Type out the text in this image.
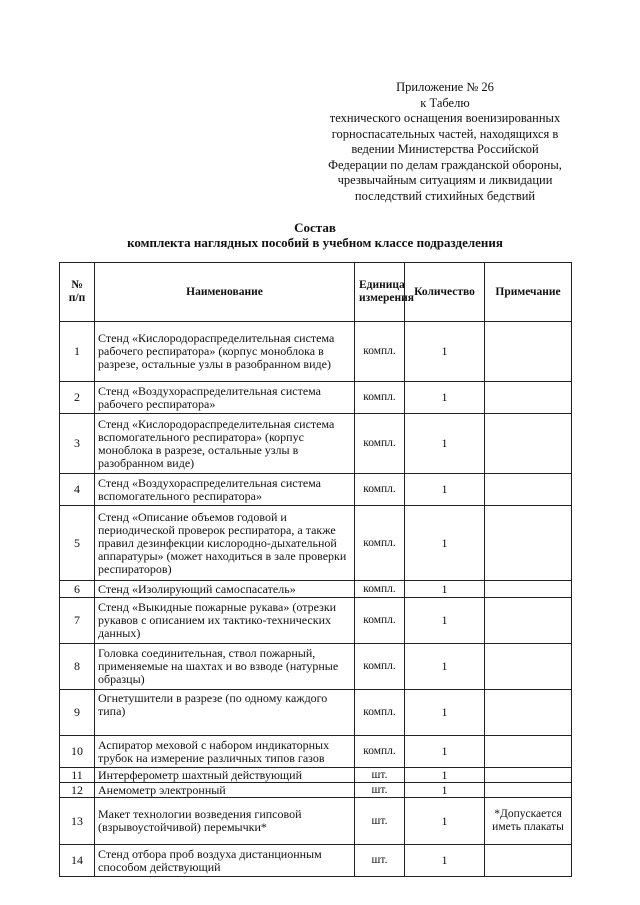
Приложение № 26
к Табелю
технического оснащения военизированных
горноспасательных частей, находящихся в
ведении Министерства Российской
Федерации по делам гражданской обороны,
чрезвычайным ситуациям и ликвидации
последствий стихийных бедствий
Состав
комплекта наглядных пособий в учебном классе подразделения
№ п/п	Наименование	Единица измерения	Количество	Примечание
1	Стенд «Кислородораспределительная система рабочего респиратора» (корпус моноблока в разрезе, остальные узлы в разобранном виде)	компл.	1	
2	Стенд «Воздухораспределительная система рабочего респиратора»	компл.	1	
3	Стенд «Кислородораспределительная система вспомогательного респиратора» (корпус моноблока в разрезе, остальные узлы в разобранном виде)	компл.	1	
4	Стенд «Воздухораспределительная система вспомогательного респиратора»	компл.	1	
5	Стенд «Описание объемов годовой и периодической проверок респиратора, а также правил дезинфекции кислородно-дыхательной аппаратуры» (может находиться в зале проверки респираторов)	компл.	1	
6	Стенд «Изолирующий самоспасатель»	компл.	1	
7	Стенд «Выкидные пожарные рукава» (отрезки рукавов с описанием их тактико-технических данных)	компл.	1	
8	Головка соединительная, ствол пожарный, применяемые на шахтах и во взводе (натурные образцы)	компл.	1	
9	Огнетушители в разрезе (по одному каждого типа)	компл.	1	
10	Аспиратор меховой с набором индикаторных трубок на измерение различных типов газов	компл.	1	
11	Интерферометр шахтный действующий	шт.	1	
12	Анемометр электронный	шт.	1	
13	Макет технологии возведения гипсовой (взрывоустойчивой) перемычки*	шт.	1	*Допускается иметь плакаты
14	Стенд отбора проб воздуха дистанционным способом действующий	шт.	1	
